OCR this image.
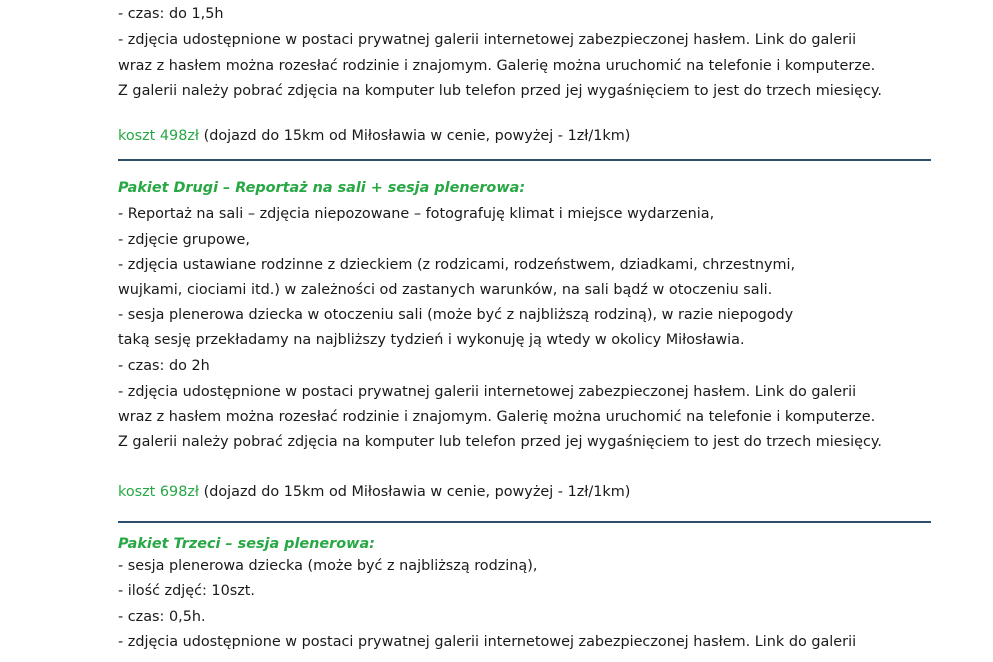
- czas: do 1,5h
- zdjęcia udostępnione w postaci prywatnej galerii internetowej zabezpieczonej hasłem. Link do galerii
wraz z hasłem można rozesłać rodzinie i znajomym. Galerię można uruchomić na telefonie i komputerze.
Z galerii należy pobrać zdjęcia na komputer lub telefon przed jej wygaśnięciem to jest do trzech miesięcy.
koszt 498zł (dojazd do 15km od Miłosławia w cenie, powyżej - 1zł/1km)
Pakiet Drugi – Reportaż na sali + sesja plenerowa:
- Reportaż na sali – zdjęcia niepozowane – fotografuję klimat i miejsce wydarzenia,
- zdjęcie grupowe,
- zdjęcia ustawiane rodzinne z dzieckiem (z rodzicami, rodzeństwem, dziadkami, chrzestnymi,
wujkami, ciociami itd.) w zależności od zastanych warunków, na sali bądź w otoczeniu sali.
- sesja plenerowa dziecka w otoczeniu sali (może być z najbliższą rodziną), w razie niepogody
taką sesję przekładamy na najbliższy tydzień i wykonuję ją wtedy w okolicy Miłosławia.
- czas: do 2h
- zdjęcia udostępnione w postaci prywatnej galerii internetowej zabezpieczonej hasłem. Link do galerii
wraz z hasłem można rozesłać rodzinie i znajomym. Galerię można uruchomić na telefonie i komputerze.
Z galerii należy pobrać zdjęcia na komputer lub telefon przed jej wygaśnięciem to jest do trzech miesięcy.
koszt 698zł (dojazd do 15km od Miłosławia w cenie, powyżej - 1zł/1km)
Pakiet Trzeci – sesja plenerowa:
- sesja plenerowa dziecka (może być z najbliższą rodziną),
- ilość zdjęć: 10szt.
- czas: 0,5h.
- zdjęcia udostępnione w postaci prywatnej galerii internetowej zabezpieczonej hasłem. Link do galerii
